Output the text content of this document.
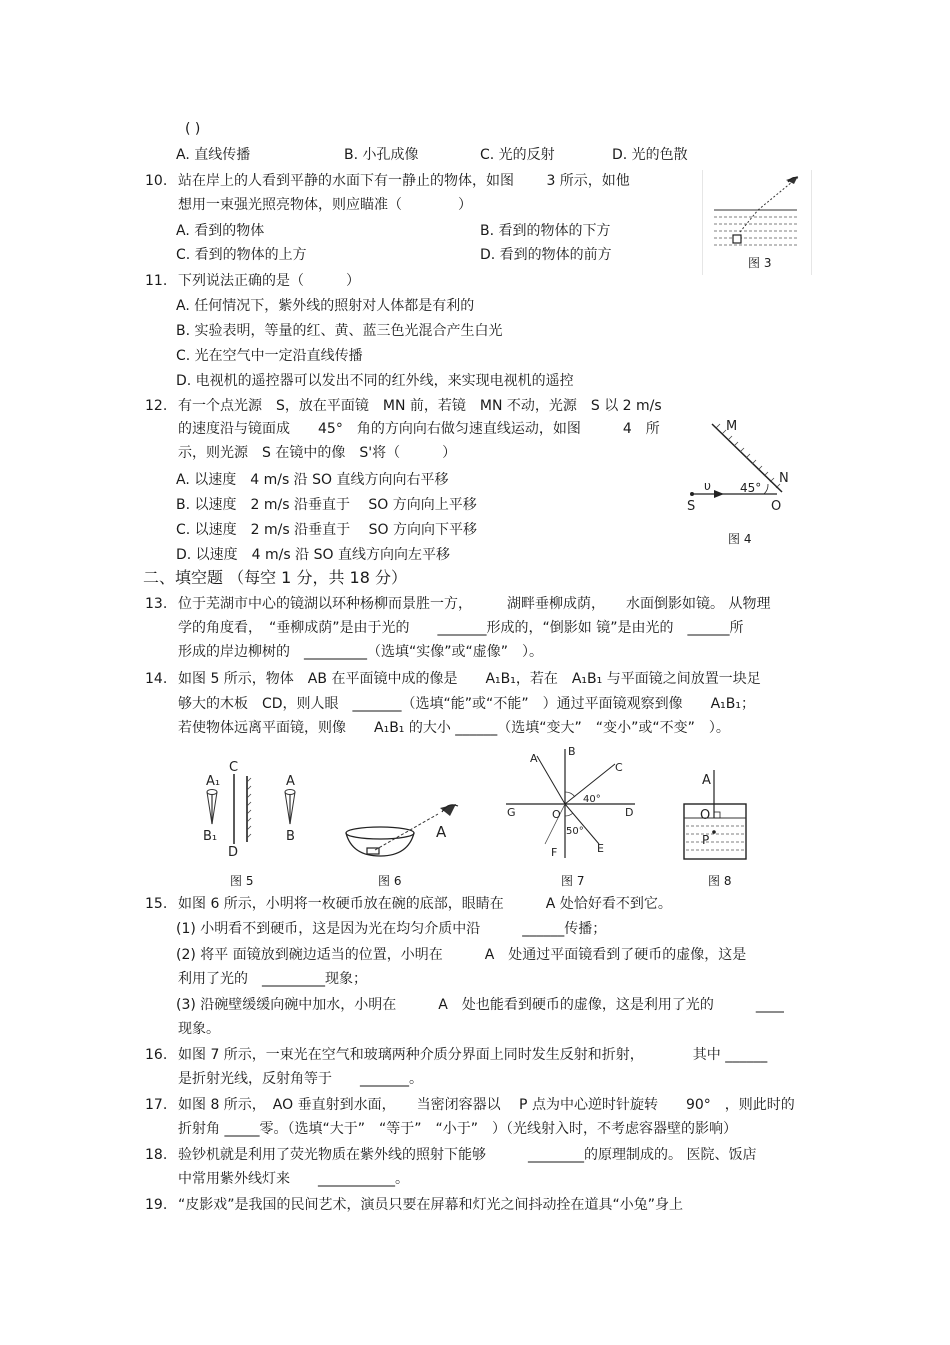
( )
A. 直线传播	B. 小孔成像	C. 光的反射	D. 光的色散
10. 站在岸上的人看到平静的水面下有一静止的物体，如图　　 3 所示，如他
想用一束强光照亮物体，则应瞄准（　　　　）
A. 看到的物体	B. 看到的物体的下方
C. 看到的物体的上方	D. 看到的物体的前方	图 3
11. 下列说法正确的是（　　　）
A. 任何情况下，紫外线的照射对人体都是有利的
B. 实验表明，等量的红、黄、蓝三色光混合产生白光
C. 光在空气中一定沿直线传播
D. 电视机的遥控器可以发出不同的红外线，来实现电视机的遥控
12. 有一个点光源　S，放在平面镜　MN 前，若镜　MN 不动，光源　S 以 2 m/s
的速度沿与镜面成　　45°　角的方向向右做匀速直线运动，如图　　　4　所
示，则光源　S 在镜中的像　S'将（　　　）
A. 以速度　4 m/s 沿 SO 直线方向向右平移
B. 以速度　2 m/s 沿垂直于　 SO 方向向上平移
C. 以速度　2 m/s 沿垂直于　 SO 方向向下平移
D. 以速度　4 m/s 沿 SO 直线方向向左平移
M
N
υ 45°
S	O
图 4
二、填空题 （每空 1 分，共 18 分）
13. 位于芜湖市中心的镜湖以环种杨柳而景胜一方，　　　湖畔垂柳成荫，　　水面倒影如镜。 从物理
学的角度看，　“垂柳成荫”是由于光的　　_______形成的，“倒影如 镜”是由光的　______所
形成的岸边柳树的　_________（选填“实像”或“虚像”　）。
14. 如图 5 所示，物体　AB 在平面镜中成的像是　　A₁B₁，若在　A₁B₁ 与平面镜之间放置一块足
够大的木板　CD，则人眼　_______（选填“能”或“不能”　）通过平面镜观察到像　　A₁B₁；
若使物体远离平面镜，则像　　A₁B₁ 的大小 ______（选填“变大”　“变小”或“不变”　）。
A₁
B₁
C
D
A
B
图 5
A
图 6
A
B
C
G	O	D
40°
50°
E
F
图 7
A
O
P
图 8
15. 如图 6 所示，小明将一枚硬币放在碗的底部，眼睛在　　　A 处恰好看不到它。
(1) 小明看不到硬币，这是因为光在均匀介质中沿　　　______传播；
(2) 将平 面镜放到碗边适当的位置，小明在　　　A　处通过平面镜看到了硬币的虚像，这是
利用了光的　_________现象；
(3) 沿碗壁缓缓向碗中加水，小明在　　　A　处也能看到硬币的虚像，这是利用了光的　　　____
现象。
16. 如图 7 所示，一束光在空气和玻璃两种介质分界面上同时发生反射和折射，　　　　其中 ______
是折射光线，反射角等于　　_______。
17. 如图 8 所示，　AO 垂直射到水面，　　当密闭容器以　 P 点为中心逆时针旋转　　90°　，则此时的
折射角 _____零。（选填“大于”　“等于”　“小于”　）（光线射入时，不考虑容器壁的影响）
18. 验钞机就是利用了荧光物质在紫外线的照射下能够　　　________的原理制成的。 医院、饭店
中常用紫外线灯来　　___________。
19. “皮影戏”是我国的民间艺术，演员只要在屏幕和灯光之间抖动拴在道具“小兔”身上
